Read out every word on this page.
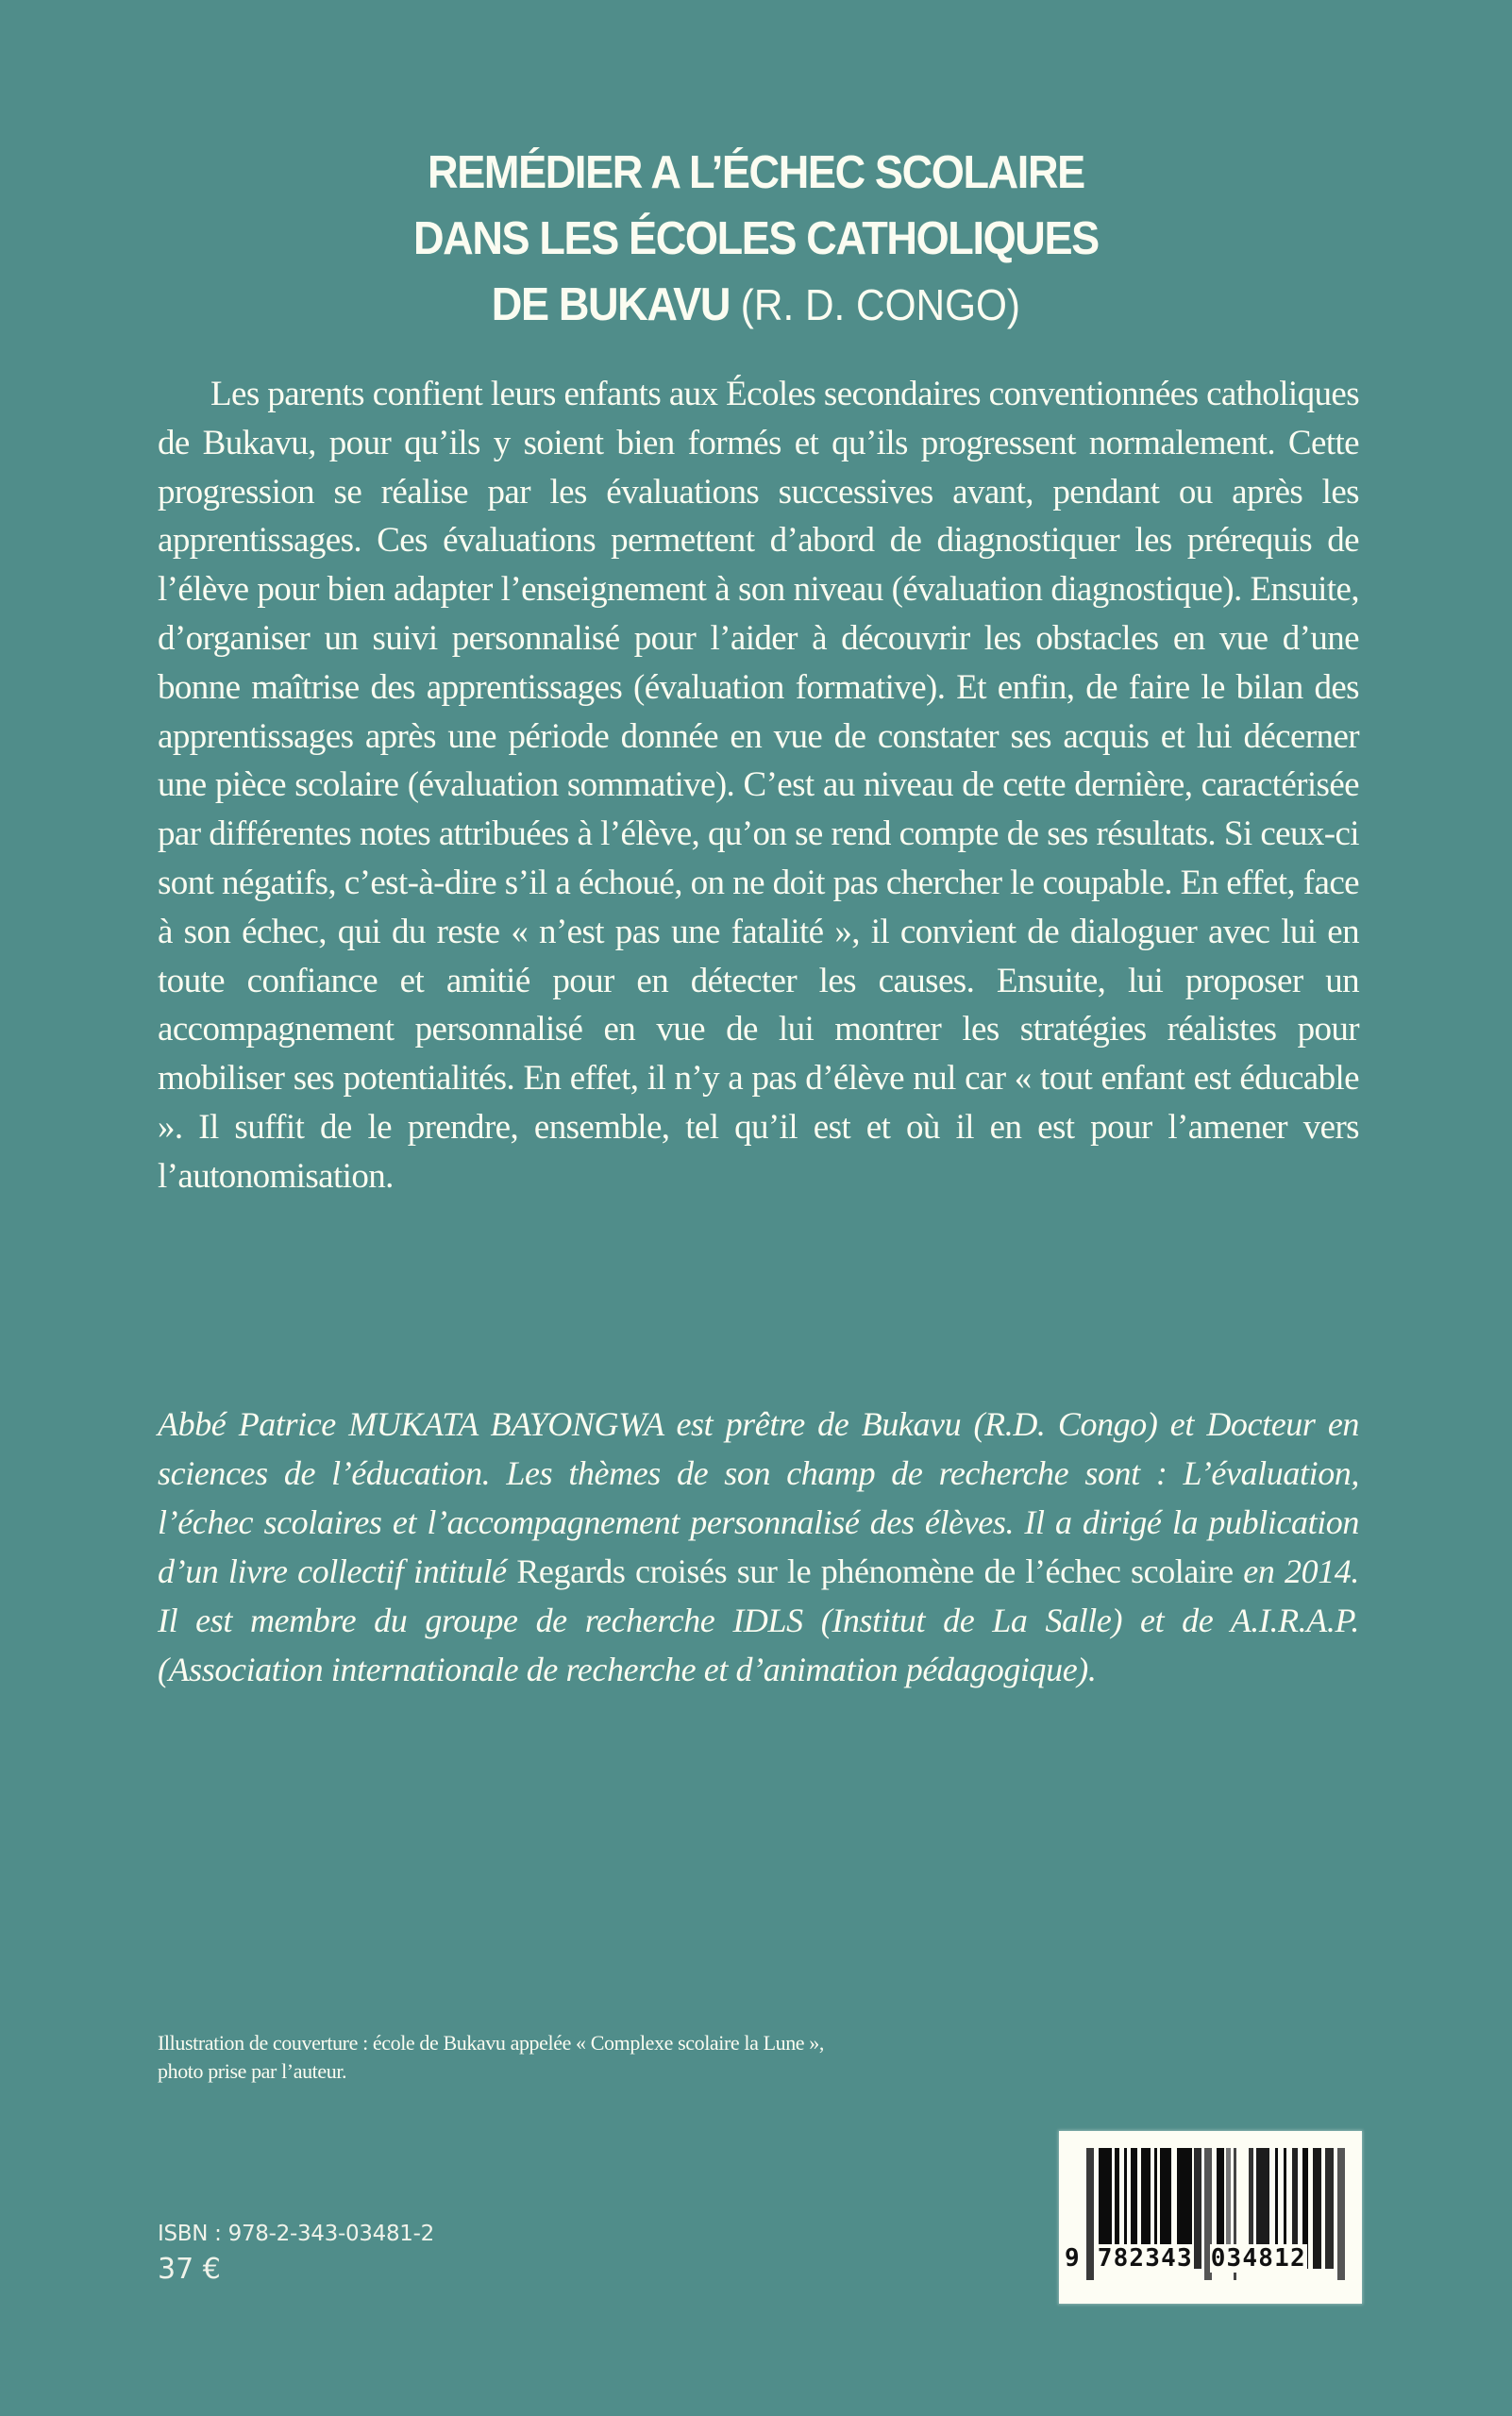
REMÉDIER A L’ÉCHEC SCOLAIRE
DANS LES ÉCOLES CATHOLIQUES
DE BUKAVU (R. D. CONGO)

Les parents confient leurs enfants aux Écoles secondaires conventionnées catholiques de Bukavu, pour qu’ils y soient bien formés et qu’ils progressent normalement. Cette progression se réalise par les évaluations successives avant, pendant ou après les apprentissages. Ces évaluations permettent d’abord de diagnostiquer les prérequis de l’élève pour bien adapter l’enseignement à son niveau (évaluation diagnostique). Ensuite, d’organiser un suivi personnalisé pour l’aider à découvrir les obstacles en vue d’une bonne maîtrise des apprentissages (évaluation formative). Et enfin, de faire le bilan des apprentissages après une période donnée en vue de constater ses acquis et lui décerner une pièce scolaire (évaluation sommative). C’est au niveau de cette dernière, caractérisée par différentes notes attribuées à l’élève, qu’on se rend compte de ses résultats. Si ceux-ci sont négatifs, c’est-à-dire s’il a échoué, on ne doit pas chercher le coupable. En effet, face à son échec, qui du reste « n’est pas une fatalité », il convient de dialoguer avec lui en toute confiance et amitié pour en détecter les causes. Ensuite, lui proposer un accompagnement personnalisé en vue de lui montrer les stratégies réalistes pour mobiliser ses potentialités. En effet, il n’y a pas d’élève nul car « tout enfant est éducable ». Il suffit de le prendre, ensemble, tel qu’il est et où il en est pour l’amener vers l’autonomisation.

Abbé Patrice MUKATA BAYONGWA est prêtre de Bukavu (R.D. Congo) et Docteur en sciences de l’éducation. Les thèmes de son champ de recherche sont : L’évaluation, l’échec scolaires et l’accompagnement personnalisé des élèves. Il a dirigé la publication d’un livre collectif intitulé Regards croisés sur le phénomène de l’échec scolaire en 2014. Il est membre du groupe de recherche IDLS (Institut de La Salle) et de A.I.R.A.P. (Association internationale de recherche et d’animation pédagogique).

Illustration de couverture : école de Bukavu appelée « Complexe scolaire la Lune »,
photo prise par l’auteur.

ISBN : 978-2-343-03481-2
37 €	9 782343 034812
